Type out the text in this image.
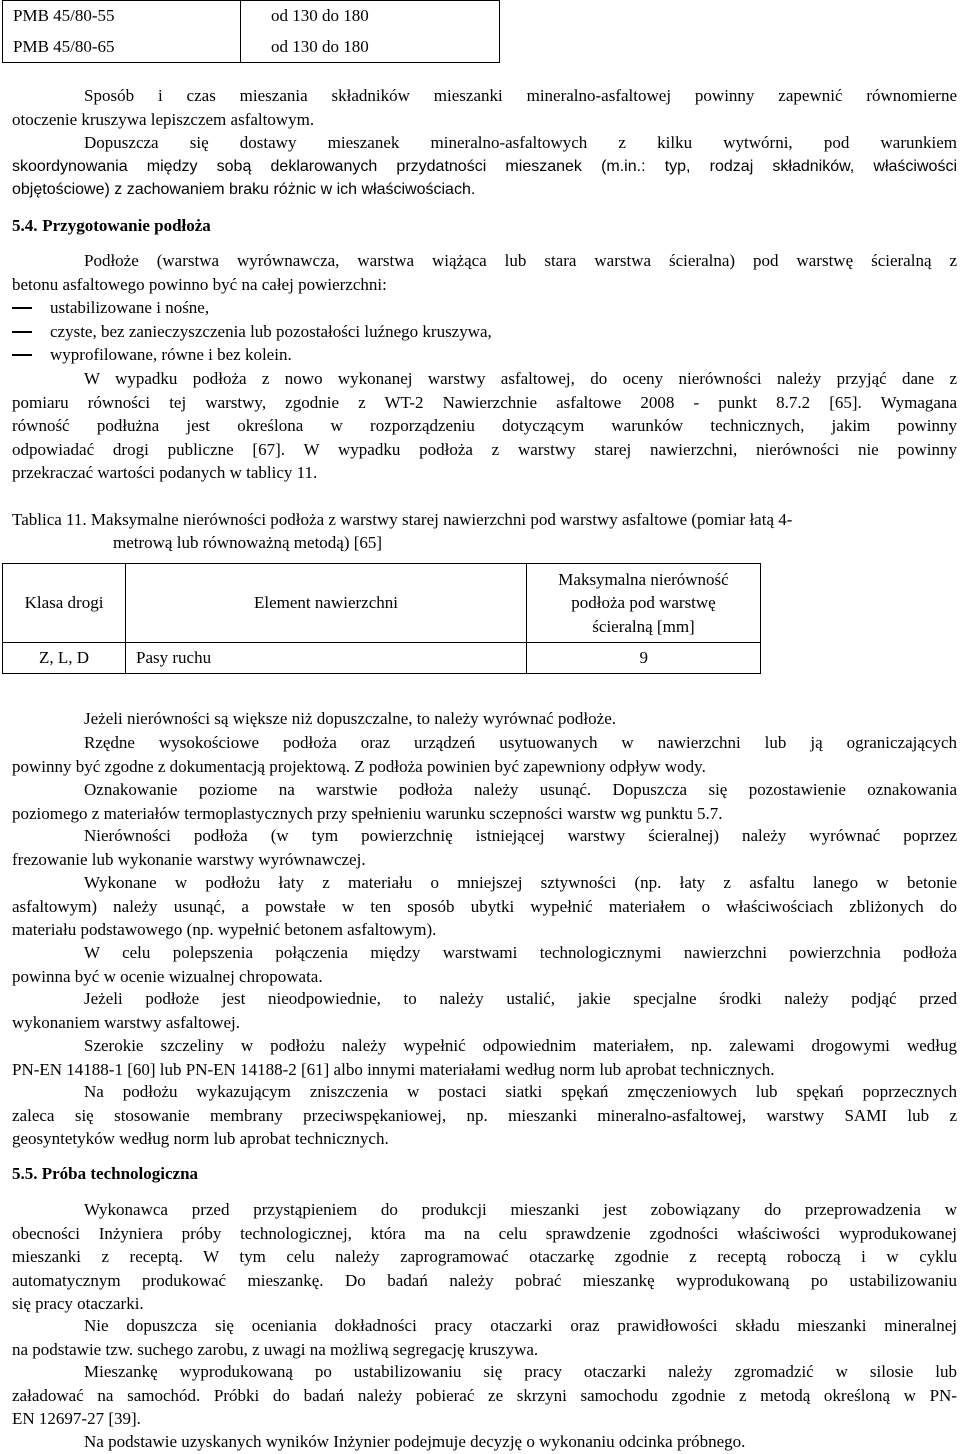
PMB 45/80-55	od 130 do 180
PMB 45/80-65	od 130 do 180
Sposób i czas mieszania składników mieszanki mineralno-asfaltowej powinny zapewnić równomierne
otoczenie kruszywa lepiszczem asfaltowym.
Dopuszcza się dostawy mieszanek mineralno-asfaltowych z kilku wytwórni, pod warunkiem
skoordynowania między sobą deklarowanych przydatności mieszanek (m.in.: typ, rodzaj składników, właściwości
objętościowe) z zachowaniem braku różnic w ich właściwościach.
5.4. Przygotowanie podłoża
Podłoże (warstwa wyrównawcza, warstwa wiążąca lub stara warstwa ścieralna) pod warstwę ścieralną z
betonu asfaltowego powinno być na całej powierzchni:
ustabilizowane i nośne,
czyste, bez zanieczyszczenia lub pozostałości luźnego kruszywa,
wyprofilowane, równe i bez kolein.
W wypadku podłoża z nowo wykonanej warstwy asfaltowej, do oceny nierówności należy przyjąć dane z
pomiaru równości tej warstwy, zgodnie z WT-2 Nawierzchnie asfaltowe 2008 - punkt 8.7.2 [65]. Wymagana
równość podłużna jest określona w rozporządzeniu dotyczącym warunków technicznych, jakim powinny
odpowiadać drogi publiczne [67]. W wypadku podłoża z warstwy starej nawierzchni, nierówności nie powinny
przekraczać wartości podanych w tablicy 11.
Tablica 11. Maksymalne nierówności podłoża z warstwy starej nawierzchni pod warstwy asfaltowe (pomiar łatą 4-
metrową lub równoważną metodą) [65]
Klasa drogi	Element nawierzchni	Maksymalna nierówność
podłoża pod warstwę
ścieralną [mm]

Z, L, D	Pasy ruchu	9
Jeżeli nierówności są większe niż dopuszczalne, to należy wyrównać podłoże.
Rzędne wysokościowe podłoża oraz urządzeń usytuowanych w nawierzchni lub ją ograniczających
powinny być zgodne z dokumentacją projektową. Z podłoża powinien być zapewniony odpływ wody.
Oznakowanie poziome na warstwie podłoża należy usunąć. Dopuszcza się pozostawienie oznakowania
poziomego z materiałów termoplastycznych przy spełnieniu warunku sczepności warstw wg punktu 5.7.
Nierówności podłoża (w tym powierzchnię istniejącej warstwy ścieralnej) należy wyrównać poprzez
frezowanie lub wykonanie warstwy wyrównawczej.
Wykonane w podłożu łaty z materiału o mniejszej sztywności (np. łaty z asfaltu lanego w betonie
asfaltowym) należy usunąć, a powstałe w ten sposób ubytki wypełnić materiałem o właściwościach zbliżonych do
materiału podstawowego (np. wypełnić betonem asfaltowym).
W celu polepszenia połączenia między warstwami technologicznymi nawierzchni powierzchnia podłoża
powinna być w ocenie wizualnej chropowata.
Jeżeli podłoże jest nieodpowiednie, to należy ustalić, jakie specjalne środki należy podjąć przed
wykonaniem warstwy asfaltowej.
Szerokie szczeliny w podłożu należy wypełnić odpowiednim materiałem, np. zalewami drogowymi według
PN-EN 14188-1 [60] lub PN-EN 14188-2 [61] albo innymi materiałami według norm lub aprobat technicznych.
Na podłożu wykazującym zniszczenia w postaci siatki spękań zmęczeniowych lub spękań poprzecznych
zaleca się stosowanie membrany przeciwspękaniowej, np. mieszanki mineralno-asfaltowej, warstwy SAMI lub z
geosyntetyków według norm lub aprobat technicznych.
5.5. Próba technologiczna
Wykonawca przed przystąpieniem do produkcji mieszanki jest zobowiązany do przeprowadzenia w
obecności Inżyniera próby technologicznej, która ma na celu sprawdzenie zgodności właściwości wyprodukowanej
mieszanki z receptą. W tym celu należy zaprogramować otaczarkę zgodnie z receptą roboczą i w cyklu
automatycznym produkować mieszankę. Do badań należy pobrać mieszankę wyprodukowaną po ustabilizowaniu
się pracy otaczarki.
Nie dopuszcza się oceniania dokładności pracy otaczarki oraz prawidłowości składu mieszanki mineralnej
na podstawie tzw. suchego zarobu, z uwagi na możliwą segregację kruszywa.
Mieszankę wyprodukowaną po ustabilizowaniu się pracy otaczarki należy zgromadzić w silosie lub
załadować na samochód. Próbki do badań należy pobierać ze skrzyni samochodu zgodnie z metodą określoną w PN-
EN 12697-27 [39].
Na podstawie uzyskanych wyników Inżynier podejmuje decyzję o wykonaniu odcinka próbnego.
